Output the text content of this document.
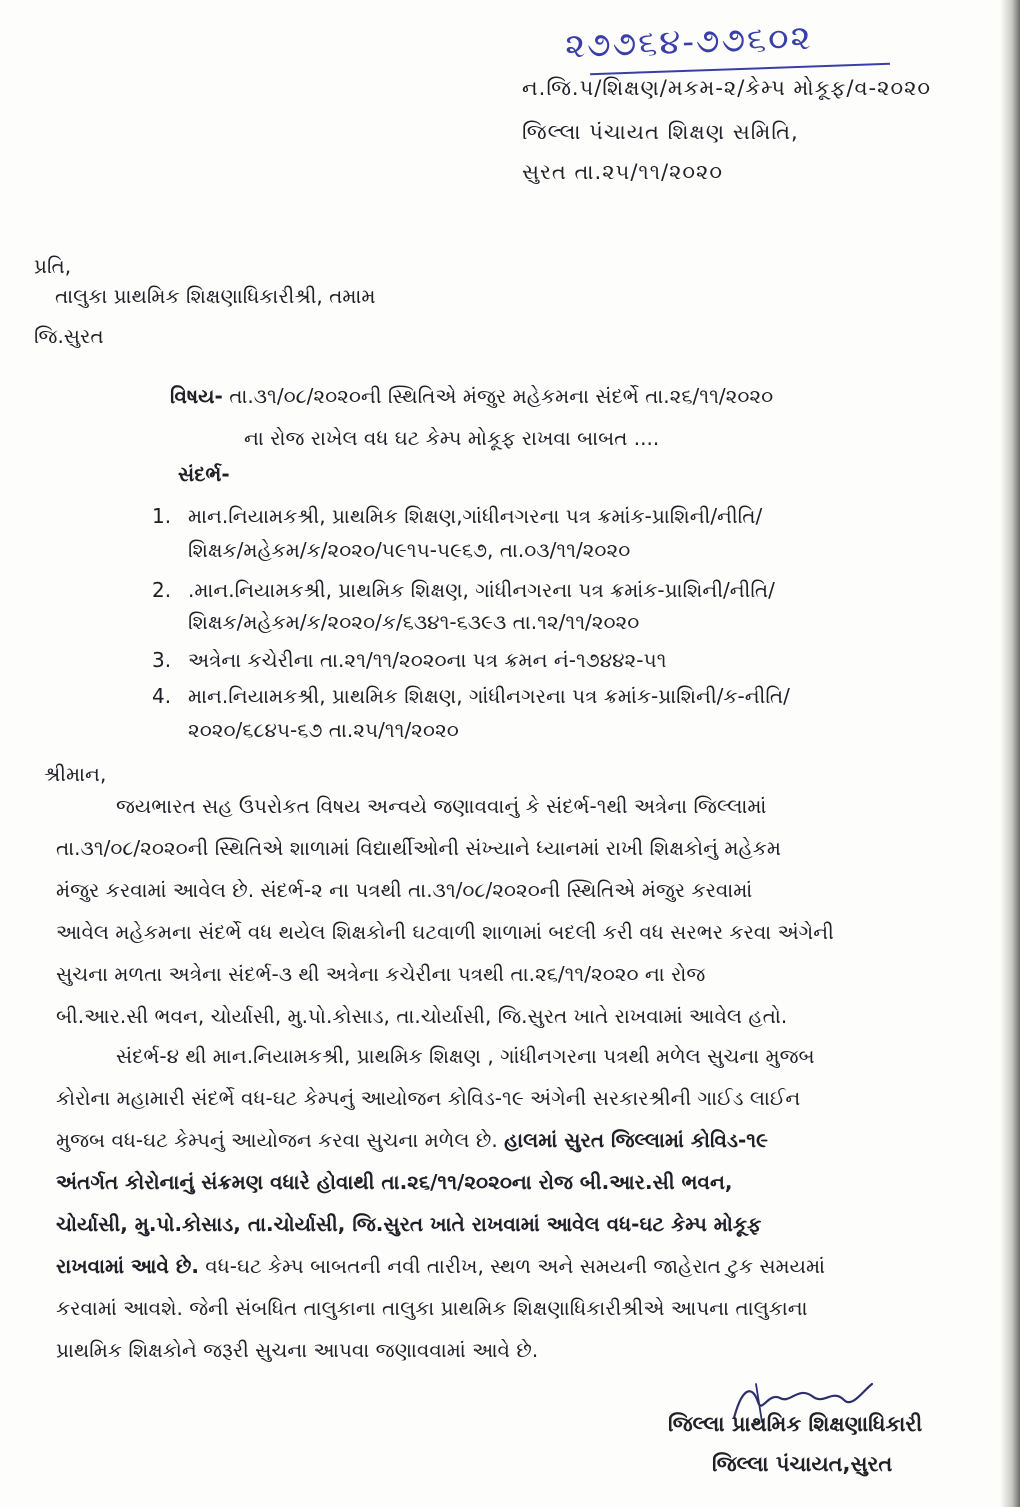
૨૭૭૬૪-૭૭૬૦૨
ન.જિ.પ/શિક્ષણ/મકમ-૨/કેમ્પ મોકૂફ/વ-૨૦૨૦
જિલ્લા પંચાયત શિક્ષણ સમિતિ,
સુરત તા.૨૫/૧૧/૨૦૨૦
પ્રતિ,
તાલુકા પ્રાથમિક શિક્ષણાધિકારીશ્રી, તમામ
જિ.સુરત
વિષય- તા.૩૧/૦૮/૨૦૨૦ની સ્થિતિએ મંજુર મહેકમના સંદર્ભે તા.૨૬/૧૧/૨૦૨૦
ના રોજ રાખેલ વધ ઘટ કેમ્પ મોકૂફ રાખવા બાબત ....
સંદર્ભ-
1. માન.નિયામકશ્રી, પ્રાથમિક શિક્ષણ,ગાંધીનગરના પત્ર ક્રમાંક-પ્રાશિની/નીતિ/
શિક્ષક/મહેકમ/ક/૨૦૨૦/૫૯૧૫-૫૯૬૭, તા.૦૩/૧૧/૨૦૨૦
2. .માન.નિયામકશ્રી, પ્રાથમિક શિક્ષણ, ગાંધીનગરના પત્ર ક્રમાંક-પ્રાશિની/નીતિ/
શિક્ષક/મહેકમ/ક/૨૦૨૦/ક/૬૩૪૧-૬૩૯૩ તા.૧૨/૧૧/૨૦૨૦
3. અત્રેના કચેરીના તા.૨૧/૧૧/૨૦૨૦ના પત્ર ક્રમન નં-૧૭૪૪૨-૫૧
4. માન.નિયામકશ્રી, પ્રાથમિક શિક્ષણ, ગાંધીનગરના પત્ર ક્રમાંક-પ્રાશિની/ક-નીતિ/
૨૦૨૦/૬૮૪૫-૬૭ તા.૨૫/૧૧/૨૦૨૦
શ્રીમાન,
જયભારત સહ ઉપરોકત વિષય અન્વયે જણાવવાનું કે સંદર્ભ-૧થી અત્રેના જિલ્લામાં
તા.૩૧/૦૮/૨૦૨૦ની સ્થિતિએ શાળામાં વિદ્યાર્થીઓની સંખ્યાને ધ્યાનમાં રાખી શિક્ષકોનું મહેકમ
મંજુર કરવામાં આવેલ છે. સંદર્ભ-૨ ના પત્રથી તા.૩૧/૦૮/૨૦૨૦ની સ્થિતિએ મંજુર કરવામાં
આવેલ મહેકમના સંદર્ભે વધ થયેલ શિક્ષકોની ઘટવાળી શાળામાં બદલી કરી વધ સરભર કરવા અંગેની
સુચના મળતા અત્રેના સંદર્ભ-૩ થી અત્રેના કચેરીના પત્રથી તા.૨૬/૧૧/૨૦૨૦ ના રોજ
બી.આર.સી ભવન, ચોર્યાસી, મુ.પો.કોસાડ, તા.ચોર્યાસી, જિ.સુરત ખાતે રાખવામાં આવેલ હતો.
સંદર્ભ-૪ થી માન.નિયામકશ્રી, પ્રાથમિક શિક્ષણ , ગાંધીનગરના પત્રથી મળેલ સુચના મુજબ
કોરોના મહામારી સંદર્ભે વધ-ઘટ કેમ્પનું આયોજન કોવિડ-૧૯ અંગેની સરકારશ્રીની ગાઈડ લાઈન
મુજબ વધ-ઘટ કેમ્પનું આયોજન કરવા સુચના મળેલ છે. હાલમાં સુરત જિલ્લામાં કોવિડ-૧૯
અંતર્ગત કોરોનાનું સંક્રમણ વધારે હોવાથી તા.૨૬/૧૧/૨૦૨૦ના રોજ બી.આર.સી ભવન,
ચોર્યાસી, મુ.પો.કોસાડ, તા.ચોર્યાસી, જિ.સુરત ખાતે રાખવામાં આવેલ વધ-ઘટ કેમ્પ મોકૂફ
રાખવામાં આવે છે. વધ-ઘટ કેમ્પ બાબતની નવી તારીખ, સ્થળ અને સમયની જાહેરાત ટુક સમયમાં
કરવામાં આવશે. જેની સંબધિત તાલુકાના તાલુકા પ્રાથમિક શિક્ષણાધિકારીશ્રીએ આપના તાલુકાના
પ્રાથમિક શિક્ષકોને જરૂરી સુચના આપવા જણાવવામાં આવે છે.
જિલ્લા પ્રાથમિક શિક્ષણાધિકારી
જિલ્લા પંચાયત,સુરત
